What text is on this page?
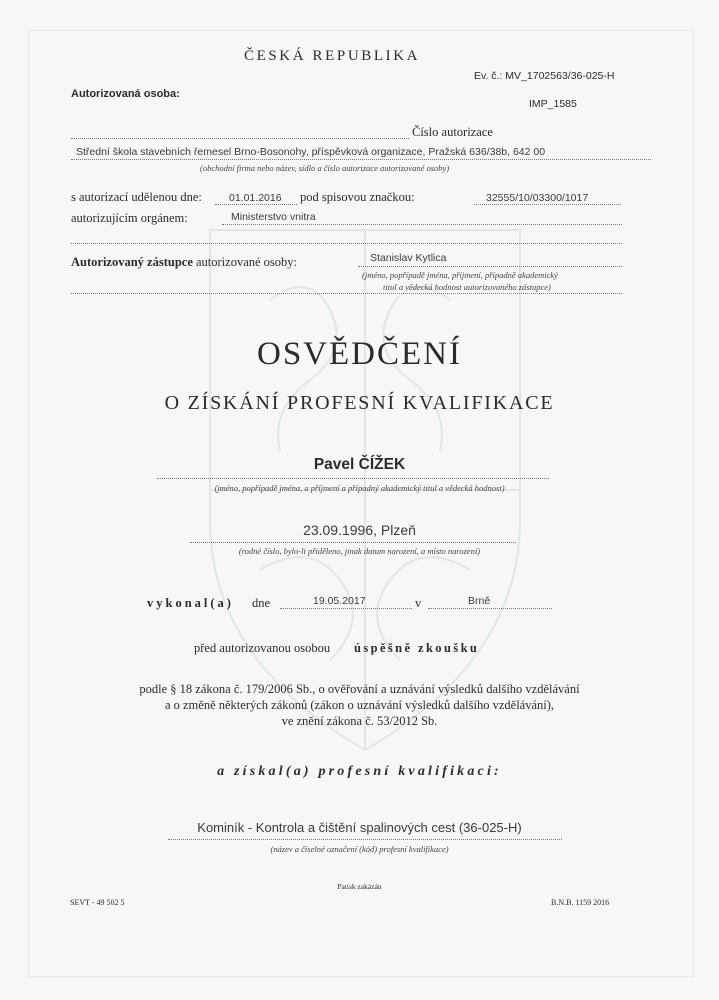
ČESKÁ REPUBLIKA
Ev. č.: MV_1702563/36-025-H
Autorizovaná osoba:
IMP_1585
Číslo autorizace
Střední škola stavebních řemesel Brno-Bosonohy, příspěvková organizace, Pražská 636/38b, 642 00
(obchodní firma nebo název, sídlo a číslo autorizace autorizované osoby)
s autorizací udělenou dne:	01.01.2016 pod spisovou značkou:	32555/10/03300/1017
autorizujícím orgánem:	Ministerstvo vnitra
Autorizovaný zástupce autorizované osoby:	Stanislav Kytlica
(jméno, popřípadě jména, příjmení, případně akademický
titul a vědecká hodnost autorizovaného zástupce)
OSVĚDČENÍ
O ZÍSKÁNÍ PROFESNÍ KVALIFIKACE
Pavel ČÍŽEK
(jméno, popřípadě jména, a příjmení a případný akademický titul a vědecká hodnost)
23.09.1996, Plzeň
(rodné číslo, bylo-li přiděleno, jinak datum narození, a místo narození)
vykonal(a) dne	19.05.2017	v	Brně
před autorizovanou osobou úspěšně zkoušku
podle § 18 zákona č. 179/2006 Sb., o ověřování a uznávání výsledků dalšího vzdělávání
a o změně některých zákonů (zákon o uznávání výsledků dalšího vzdělávání),
ve znění zákona č. 53/2012 Sb.
a získal(a) profesní kvalifikaci:
Kominík - Kontrola a čištění spalinových cest (36-025-H)
(název a číselné označení (kód) profesní kvalifikace)
Patisk zakázán
SEVT - 49 502 5	B.N.B. 1159 2016
